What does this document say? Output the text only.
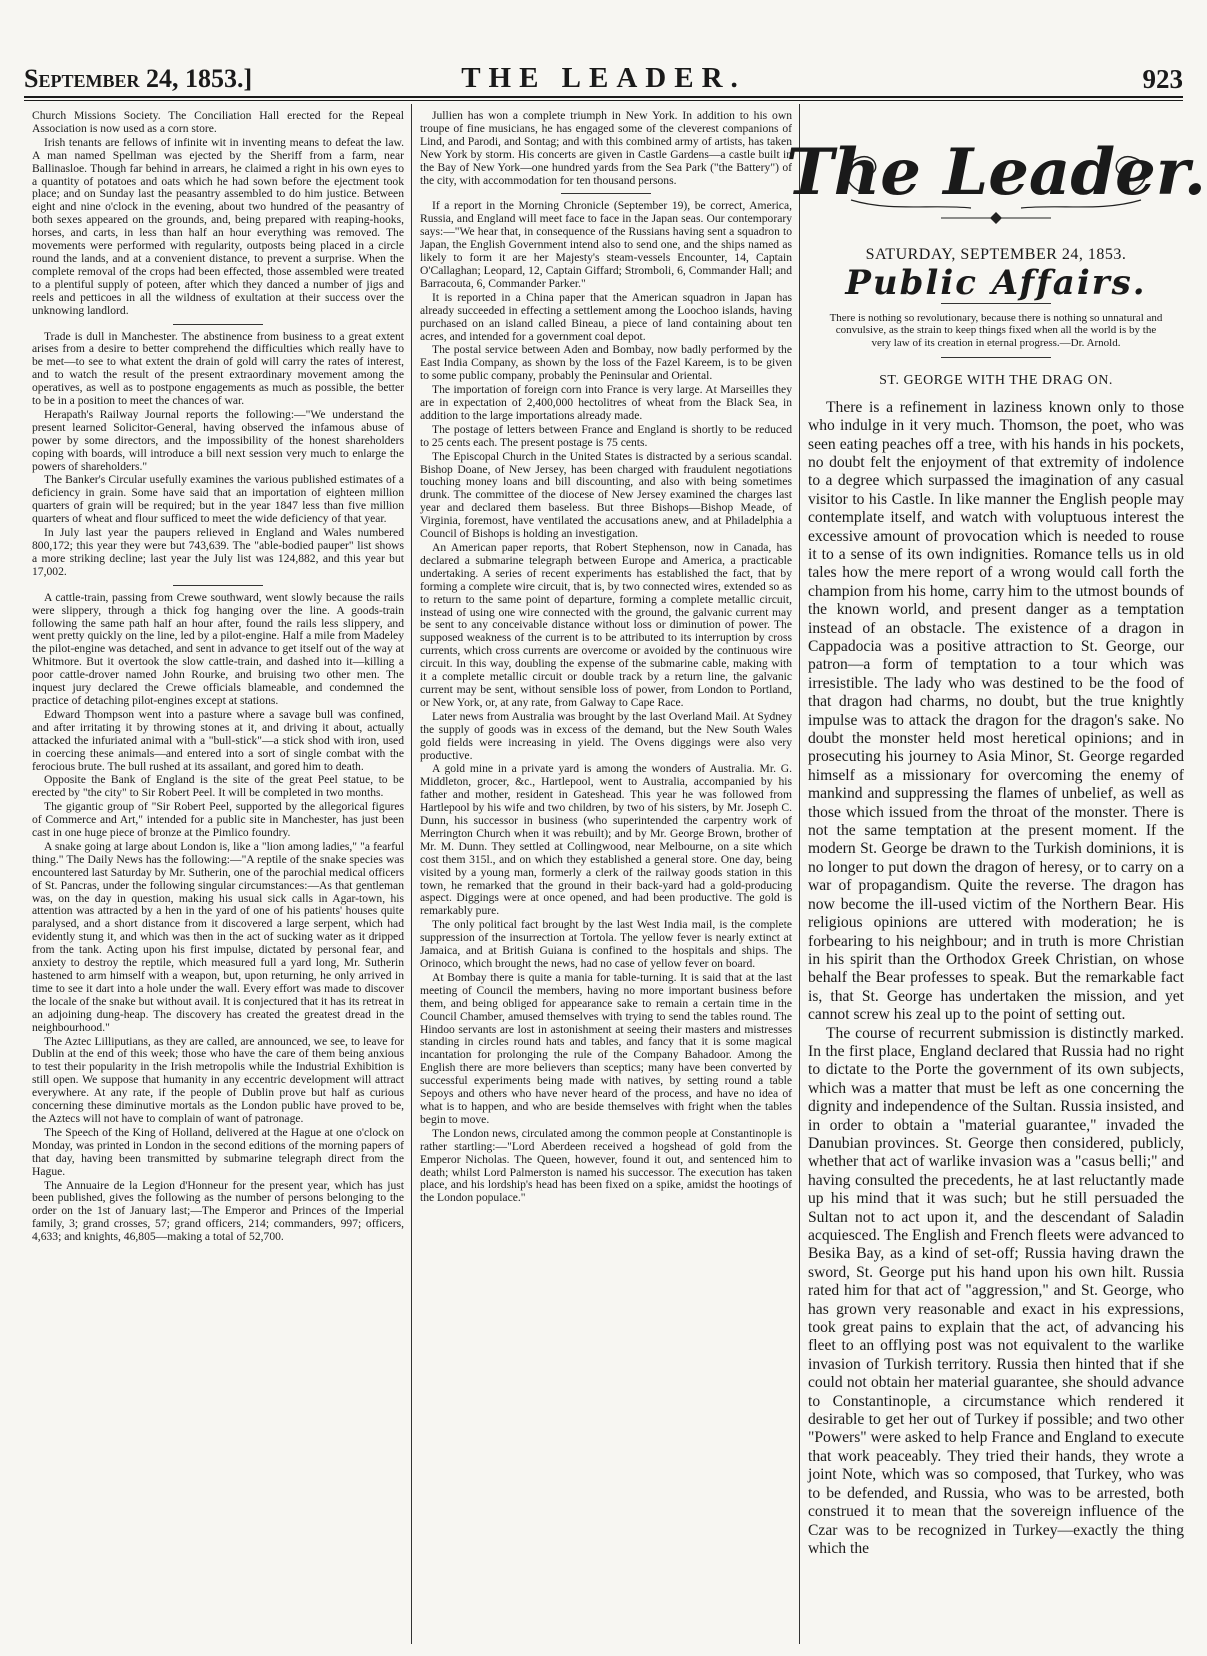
September 24, 1853.]	THE LEADER.	923

Church Missions Society. The Conciliation Hall erected for the Repeal Association is now used as a corn store.

Irish tenants are fellows of infinite wit in inventing means to defeat the law. A man named Spellman was ejected by the Sheriff from a farm, near Ballinasloe. Though far behind in arrears, he claimed a right in his own eyes to a quantity of potatoes and oats which he had sown before the ejectment took place; and on Sunday last the peasantry assembled to do him justice. Between eight and nine o'clock in the evening, about two hundred of the peasantry of both sexes appeared on the grounds, and, being prepared with reaping-hooks, horses, and carts, in less than half an hour everything was removed. The movements were performed with regularity, outposts being placed in a circle round the lands, and at a convenient distance, to prevent a surprise. When the complete removal of the crops had been effected, those assembled were treated to a plentiful supply of poteen, after which they danced a number of jigs and reels and petticoes in all the wildness of exultation at their success over the unknowing landlord.

Trade is dull in Manchester. The abstinence from business to a great extent arises from a desire to better comprehend the difficulties which really have to be met—to see to what extent the drain of gold will carry the rates of interest, and to watch the result of the present extraordinary movement among the operatives, as well as to postpone engagements as much as possible, the better to be in a position to meet the chances of war.

Herapath's Railway Journal reports the following:—"We understand the present learned Solicitor-General, having observed the infamous abuse of power by some directors, and the impossibility of the honest shareholders coping with boards, will introduce a bill next session very much to enlarge the powers of shareholders."

The Banker's Circular usefully examines the various published estimates of a deficiency in grain. Some have said that an importation of eighteen million quarters of grain will be required; but in the year 1847 less than five million quarters of wheat and flour sufficed to meet the wide deficiency of that year.

In July last year the paupers relieved in England and Wales numbered 800,172; this year they were but 743,639. The "able-bodied pauper" list shows a more striking decline; last year the July list was 124,882, and this year but 17,002.

A cattle-train, passing from Crewe southward, went slowly because the rails were slippery, through a thick fog hanging over the line. A goods-train following the same path half an hour after, found the rails less slippery, and went pretty quickly on the line, led by a pilot-engine. Half a mile from Madeley the pilot-engine was detached, and sent in advance to get itself out of the way at Whitmore. But it overtook the slow cattle-train, and dashed into it—killing a poor cattle-drover named John Rourke, and bruising two other men. The inquest jury declared the Crewe officials blameable, and condemned the practice of detaching pilot-engines except at stations.

Edward Thompson went into a pasture where a savage bull was confined, and after irritating it by throwing stones at it, and driving it about, actually attacked the infuriated animal with a "bull-stick"—a stick shod with iron, used in coercing these animals—and entered into a sort of single combat with the ferocious brute. The bull rushed at its assailant, and gored him to death.

Opposite the Bank of England is the site of the great Peel statue, to be erected by "the city" to Sir Robert Peel. It will be completed in two months.

The gigantic group of "Sir Robert Peel, supported by the allegorical figures of Commerce and Art," intended for a public site in Manchester, has just been cast in one huge piece of bronze at the Pimlico foundry.

A snake going at large about London is, like a "lion among ladies," "a fearful thing." The Daily News has the following:—"A reptile of the snake species was encountered last Saturday by Mr. Sutherin, one of the parochial medical officers of St. Pancras, under the following singular circumstances:—As that gentleman was, on the day in question, making his usual sick calls in Agar-town, his attention was attracted by a hen in the yard of one of his patients' houses quite paralysed, and a short distance from it discovered a large serpent, which had evidently stung it, and which was then in the act of sucking water as it dripped from the tank. Acting upon his first impulse, dictated by personal fear, and anxiety to destroy the reptile, which measured full a yard long, Mr. Sutherin hastened to arm himself with a weapon, but, upon returning, he only arrived in time to see it dart into a hole under the wall. Every effort was made to discover the locale of the snake but without avail. It is conjectured that it has its retreat in an adjoining dung-heap. The discovery has created the greatest dread in the neighbourhood."

The Aztec Lilliputians, as they are called, are announced, we see, to leave for Dublin at the end of this week; those who have the care of them being anxious to test their popularity in the Irish metropolis while the Industrial Exhibition is still open. We suppose that humanity in any eccentric development will attract everywhere. At any rate, if the people of Dublin prove but half as curious concerning these diminutive mortals as the London public have proved to be, the Aztecs will not have to complain of want of patronage.

The Speech of the King of Holland, delivered at the Hague at one o'clock on Monday, was printed in London in the second editions of the morning papers of that day, having been transmitted by submarine telegraph direct from the Hague.

The Annuaire de la Legion d'Honneur for the present year, which has just been published, gives the following as the number of persons belonging to the order on the 1st of January last;—The Emperor and Princes of the Imperial family, 3; grand crosses, 57; grand officers, 214; commanders, 997; officers, 4,633; and knights, 46,805—making a total of 52,700.

Jullien has won a complete triumph in New York. In addition to his own troupe of fine musicians, he has engaged some of the cleverest companions of Lind, and Parodi, and Sontag; and with this combined army of artists, has taken New York by storm. His concerts are given in Castle Gardens—a castle built in the Bay of New York—one hundred yards from the Sea Park ("the Battery") of the city, with accommodation for ten thousand persons.

If a report in the Morning Chronicle (September 19), be correct, America, Russia, and England will meet face to face in the Japan seas. Our contemporary says:—"We hear that, in consequence of the Russians having sent a squadron to Japan, the English Government intend also to send one, and the ships named as likely to form it are her Majesty's steam-vessels Encounter, 14, Captain O'Callaghan; Leopard, 12, Captain Giffard; Stromboli, 6, Commander Hall; and Barracouta, 6, Commander Parker."

It is reported in a China paper that the American squadron in Japan has already succeeded in effecting a settlement among the Loochoo islands, having purchased on an island called Bineau, a piece of land containing about ten acres, and intended for a government coal depot.

The postal service between Aden and Bombay, now badly performed by the East India Company, as shown by the loss of the Fazel Kareem, is to be given to some public company, probably the Peninsular and Oriental.

The importation of foreign corn into France is very large. At Marseilles they are in expectation of 2,400,000 hectolitres of wheat from the Black Sea, in addition to the large importations already made.

The postage of letters between France and England is shortly to be reduced to 25 cents each. The present postage is 75 cents.

The Episcopal Church in the United States is distracted by a serious scandal. Bishop Doane, of New Jersey, has been charged with fraudulent negotiations touching money loans and bill discounting, and also with being sometimes drunk. The committee of the diocese of New Jersey examined the charges last year and declared them baseless. But three Bishops—Bishop Meade, of Virginia, foremost, have ventilated the accusations anew, and at Philadelphia a Council of Bishops is holding an investigation.

An American paper reports, that Robert Stephenson, now in Canada, has declared a submarine telegraph between Europe and America, a practicable undertaking. A series of recent experiments has established the fact, that by forming a complete wire circuit, that is, by two connected wires, extended so as to return to the same point of departure, forming a complete metallic circuit, instead of using one wire connected with the ground, the galvanic current may be sent to any conceivable distance without loss or diminution of power. The supposed weakness of the current is to be attributed to its interruption by cross currents, which cross currents are overcome or avoided by the continuous wire circuit. In this way, doubling the expense of the submarine cable, making with it a complete metallic circuit or double track by a return line, the galvanic current may be sent, without sensible loss of power, from London to Portland, or New York, or, at any rate, from Galway to Cape Race.

Later news from Australia was brought by the last Overland Mail. At Sydney the supply of goods was in excess of the demand, but the New South Wales gold fields were increasing in yield. The Ovens diggings were also very productive.

A gold mine in a private yard is among the wonders of Australia. Mr. G. Middleton, grocer, &c., Hartlepool, went to Australia, accompanied by his father and mother, resident in Gateshead. This year he was followed from Hartlepool by his wife and two children, by two of his sisters, by Mr. Joseph C. Dunn, his successor in business (who superintended the carpentry work of Merrington Church when it was rebuilt); and by Mr. George Brown, brother of Mr. M. Dunn. They settled at Collingwood, near Melbourne, on a site which cost them 315l., and on which they established a general store. One day, being visited by a young man, formerly a clerk of the railway goods station in this town, he remarked that the ground in their back-yard had a gold-producing aspect. Diggings were at once opened, and had been productive. The gold is remarkably pure.

The only political fact brought by the last West India mail, is the complete suppression of the insurrection at Tortola. The yellow fever is nearly extinct at Jamaica, and at British Guiana is confined to the hospitals and ships. The Orinoco, which brought the news, had no case of yellow fever on board.

At Bombay there is quite a mania for table-turning. It is said that at the last meeting of Council the members, having no more important business before them, and being obliged for appearance sake to remain a certain time in the Council Chamber, amused themselves with trying to send the tables round. The Hindoo servants are lost in astonishment at seeing their masters and mistresses standing in circles round hats and tables, and fancy that it is some magical incantation for prolonging the rule of the Company Bahadoor. Among the English there are more believers than sceptics; many have been converted by successful experiments being made with natives, by setting round a table Sepoys and others who have never heard of the process, and have no idea of what is to happen, and who are beside themselves with fright when the tables begin to move.

The London news, circulated among the common people at Constantinople is rather startling:—"Lord Aberdeen received a hogshead of gold from the Emperor Nicholas. The Queen, however, found it out, and sentenced him to death; whilst Lord Palmerston is named his successor. The execution has taken place, and his lordship's head has been fixed on a spike, amidst the hootings of the London populace."

The Leader.
SATURDAY, SEPTEMBER 24, 1853.
Public Affairs.
There is nothing so revolutionary, because there is nothing so unnatural and convulsive, as the strain to keep things fixed when all the world is by the very law of its creation in eternal progress.—Dr. Arnold.
ST. GEORGE WITH THE DRAG ON.

There is a refinement in laziness known only to those who indulge in it very much. Thomson, the poet, who was seen eating peaches off a tree, with his hands in his pockets, no doubt felt the enjoyment of that extremity of indolence to a degree which surpassed the imagination of any casual visitor to his Castle. In like manner the English people may contemplate itself, and watch with voluptuous interest the excessive amount of provocation which is needed to rouse it to a sense of its own indignities. Romance tells us in old tales how the mere report of a wrong would call forth the champion from his home, carry him to the utmost bounds of the known world, and present danger as a temptation instead of an obstacle. The existence of a dragon in Cappadocia was a positive attraction to St. George, our patron—a form of temptation to a tour which was irresistible. The lady who was destined to be the food of that dragon had charms, no doubt, but the true knightly impulse was to attack the dragon for the dragon's sake. No doubt the monster held most heretical opinions; and in prosecuting his journey to Asia Minor, St. George regarded himself as a missionary for overcoming the enemy of mankind and suppressing the flames of unbelief, as well as those which issued from the throat of the monster. There is not the same temptation at the present moment. If the modern St. George be drawn to the Turkish dominions, it is no longer to put down the dragon of heresy, or to carry on a war of propagandism. Quite the reverse. The dragon has now become the ill-used victim of the Northern Bear. His religious opinions are uttered with moderation; he is forbearing to his neighbour; and in truth is more Christian in his spirit than the Orthodox Greek Christian, on whose behalf the Bear professes to speak. But the remarkable fact is, that St. George has undertaken the mission, and yet cannot screw his zeal up to the point of setting out.

The course of recurrent submission is distinctly marked. In the first place, England declared that Russia had no right to dictate to the Porte the government of its own subjects, which was a matter that must be left as one concerning the dignity and independence of the Sultan. Russia insisted, and in order to obtain a "material guarantee," invaded the Danubian provinces. St. George then considered, publicly, whether that act of warlike invasion was a "casus belli;" and having consulted the precedents, he at last reluctantly made up his mind that it was such; but he still persuaded the Sultan not to act upon it, and the descendant of Saladin acquiesced. The English and French fleets were advanced to Besika Bay, as a kind of set-off; Russia having drawn the sword, St. George put his hand upon his own hilt. Russia rated him for that act of "aggression," and St. George, who has grown very reasonable and exact in his expressions, took great pains to explain that the act, of advancing his fleet to an offlying post was not equivalent to the warlike invasion of Turkish territory. Russia then hinted that if she could not obtain her material guarantee, she should advance to Constantinople, a circumstance which rendered it desirable to get her out of Turkey if possible; and two other "Powers" were asked to help France and England to execute that work peaceably. They tried their hands, they wrote a joint Note, which was so composed, that Turkey, who was to be defended, and Russia, who was to be arrested, both construed it to mean that the sovereign influence of the Czar was to be recognized in Turkey—exactly the thing which the
